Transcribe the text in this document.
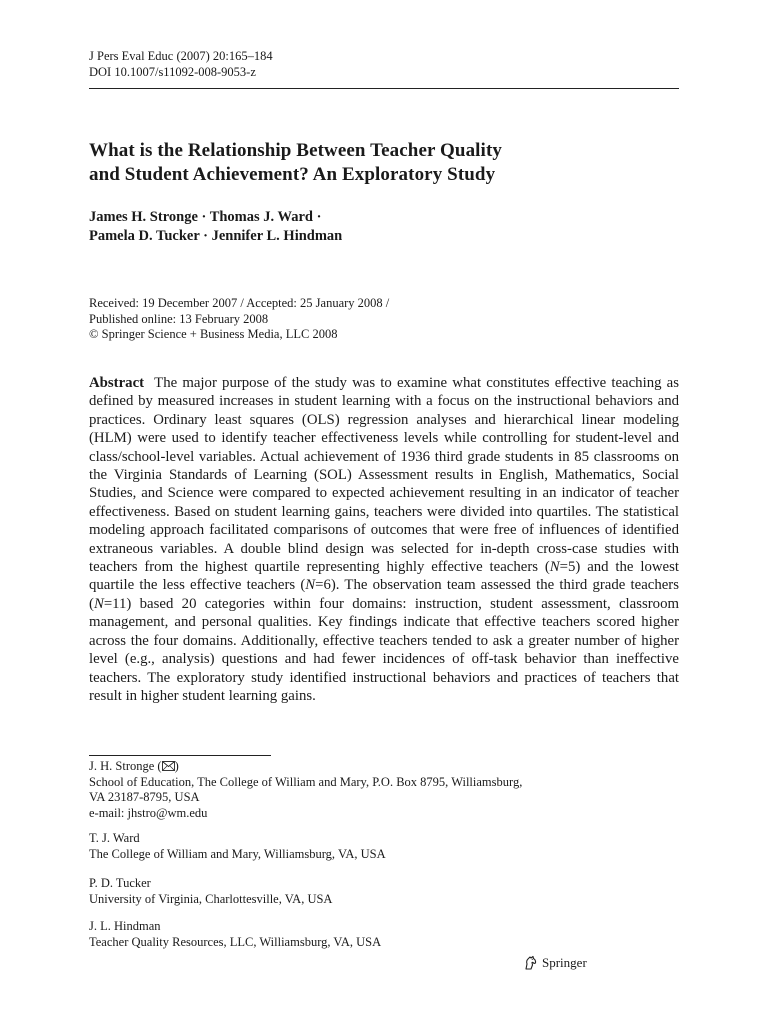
J Pers Eval Educ (2007) 20:165–184
DOI 10.1007/s11092-008-9053-z
What is the Relationship Between Teacher Quality
and Student Achievement? An Exploratory Study
James H. Stronge · Thomas J. Ward ·
Pamela D. Tucker · Jennifer L. Hindman
Received: 19 December 2007 / Accepted: 25 January 2008 /
Published online: 13 February 2008
© Springer Science + Business Media, LLC 2008
Abstract The major purpose of the study was to examine what constitutes effective teaching as defined by measured increases in student learning with a focus on the instructional behaviors and practices. Ordinary least squares (OLS) regression analyses and hierarchical linear modeling (HLM) were used to identify teacher effectiveness levels while controlling for student-level and class/school-level variables. Actual achievement of 1936 third grade students in 85 classrooms on the Virginia Standards of Learning (SOL) Assessment results in English, Mathematics, Social Studies, and Science were compared to expected achievement resulting in an indicator of teacher effectiveness. Based on student learning gains, teachers were divided into quartiles. The statistical modeling approach facilitated comparisons of outcomes that were free of influences of identified extraneous variables. A double blind design was selected for in-depth cross-case studies with teachers from the highest quartile representing highly effective teachers (N=5) and the lowest quartile the less effective teachers (N=6). The observation team assessed the third grade teachers (N=11) based 20 categories within four domains: instruction, student assessment, classroom management, and personal qualities. Key findings indicate that effective teachers scored higher across the four domains. Additionally, effective teachers tended to ask a greater number of higher level (e.g., analysis) questions and had fewer incidences of off-task behavior than ineffective teachers. The exploratory study identified instructional behaviors and practices of teachers that result in higher student learning gains.
J. H. Stronge ( )
School of Education, The College of William and Mary, P.O. Box 8795, Williamsburg,
VA 23187-8795, USA
e-mail: jhstro@wm.edu
T. J. Ward
The College of William and Mary, Williamsburg, VA, USA
P. D. Tucker
University of Virginia, Charlottesville, VA, USA
J. L. Hindman
Teacher Quality Resources, LLC, Williamsburg, VA, USA
Springer
